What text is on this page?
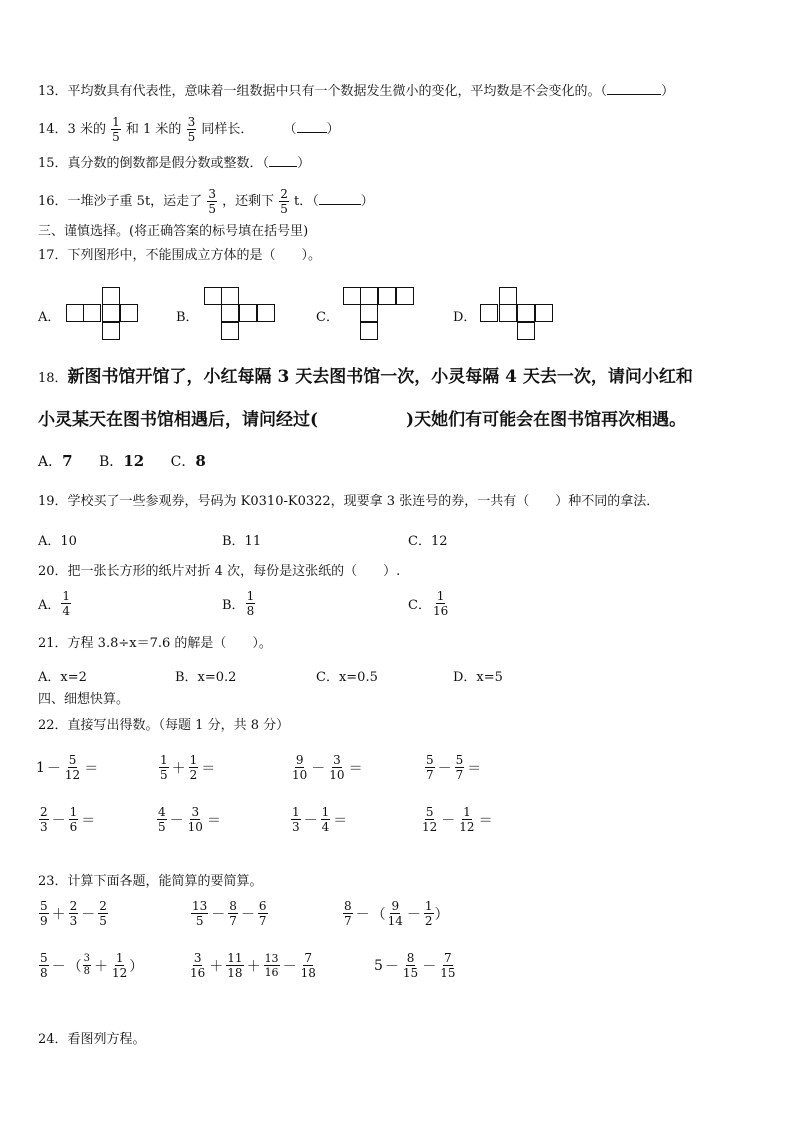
13．平均数具有代表性，意味着一组数据中只有一个数据发生微小的变化，平均数是不会变化的。（	）
14．3 米的 $\frac{1}{5}$ 和 1 米的 $\frac{3}{5}$ 同样长． （ ）
15．真分数的倒数都是假分数或整数．（ ）
16．一堆沙子重 5t，运走了 $\frac{3}{5}$ ，还剩下 $\frac{2}{5}$ t．（	）
三、谨慎选择。(将正确答案的标号填在括号里)
17．下列图形中，不能围成立方体的是（　　）。
A．	B．	C．	D．
18．新图书馆开馆了，小红每隔 3 天去图书馆一次，小灵每隔 4 天去一次，请问小红和
小灵某天在图书馆相遇后，请问经过(	)天她们有可能会在图书馆再次相遇。
A．7 B．12 C．8
19．学校买了一些参观券，号码为 K0310-K0322，现要拿 3 张连号的券，一共有（　　）种不同的拿法．
A．10	B．11	C．12
20．把一张长方形的纸片对折 4 次，每份是这张纸的（　　）.
A． $\frac{1}{4}$	B． $\frac{1}{8}$	C． $\frac{1}{16}$
21．方程 3.8÷x＝7.6 的解是（　　）。
A．x=2	B．x=0.2	C．x=0.5	D．x=5
四、细想快算。
22．直接写出得数。（每题 1 分，共 8 分）
$1 - \frac{5}{12}$ ＝	$\frac{1}{5} + \frac{1}{2}$ ＝	$\frac{9}{10} - \frac{3}{10}$ ＝	$\frac{5}{7} - \frac{5}{7}$ ＝
$\frac{2}{3} - \frac{1}{6}$ ＝	$\frac{4}{5} - \frac{3}{10}$ ＝	$\frac{1}{3} - \frac{1}{4}$ ＝	$\frac{5}{12} - \frac{1}{12}$ ＝
23．计算下面各题，能简算的要简算。
$\frac{5}{9} + \frac{2}{3} - \frac{2}{5}$	$\frac{13}{5} - \frac{8}{7} - \frac{6}{7}$	$\frac{8}{7}$ － （ $\frac{9}{14} - \frac{1}{2}$ ）
$\frac{5}{8}$ － （ $\frac{3}{8} + \frac{1}{12}$ ）	$\frac{3}{16} + \frac{11}{18} + \frac{13}{16} - \frac{7}{18}$	$5 - \frac{8}{15} - \frac{7}{15}$
24．看图列方程。
